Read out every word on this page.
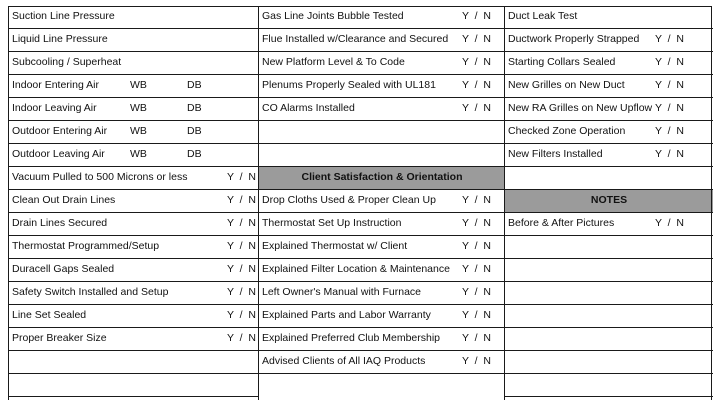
Suction Line Pressure
Liquid Line Pressure
Subcooling / Superheat
Indoor Entering Air	WB	DB
Indoor Leaving Air	WB	DB
Outdoor Entering Air WB	DB
Outdoor Leaving Air WB	DB
Vacuum Pulled to 500 Microns or less	Y  /  N
Clean Out Drain Lines	Y  /  N
Drain Lines Secured	Y  /  N
Thermostat Programmed/Setup	Y  /  N
Duracell Gaps Sealed	Y  /  N
Safety Switch Installed and Setup	Y  /  N
Line Set Sealed	Y  /  N
Proper Breaker Size	Y  /  N
Gas Line Joints Bubble Tested	Y  /  N
Flue Installed w/Clearance and Secured Y  /  N
New Platform Level & To Code	Y  /  N
Plenums Properly Sealed with UL181 Y  /  N
CO Alarms Installed	Y  /  N
Client Satisfaction & Orientation
Drop Cloths Used & Proper Clean Up Y  /  N
Thermostat Set Up Instruction	Y  /  N
Explained Thermostat w/ Client	Y  /  N
Explained Filter Location & Maintenance Y  /  N
Left Owner's Manual with Furnace	Y  /  N
Explained Parts and Labor Warranty	Y  /  N
Explained Preferred Club Membership Y  /  N
Advised Clients of All IAQ Products	Y  /  N
Duct Leak Test
Ductwork Properly Strapped Y  /  N
Starting Collars Sealed	Y  /  N
New Grilles on New Duct	Y  /  N
New RA Grilles on New Upflow Y  /  N
Checked Zone Operation	Y  /  N
New Filters Installed	Y  /  N
NOTES
Before & After Pictures	Y  /  N
